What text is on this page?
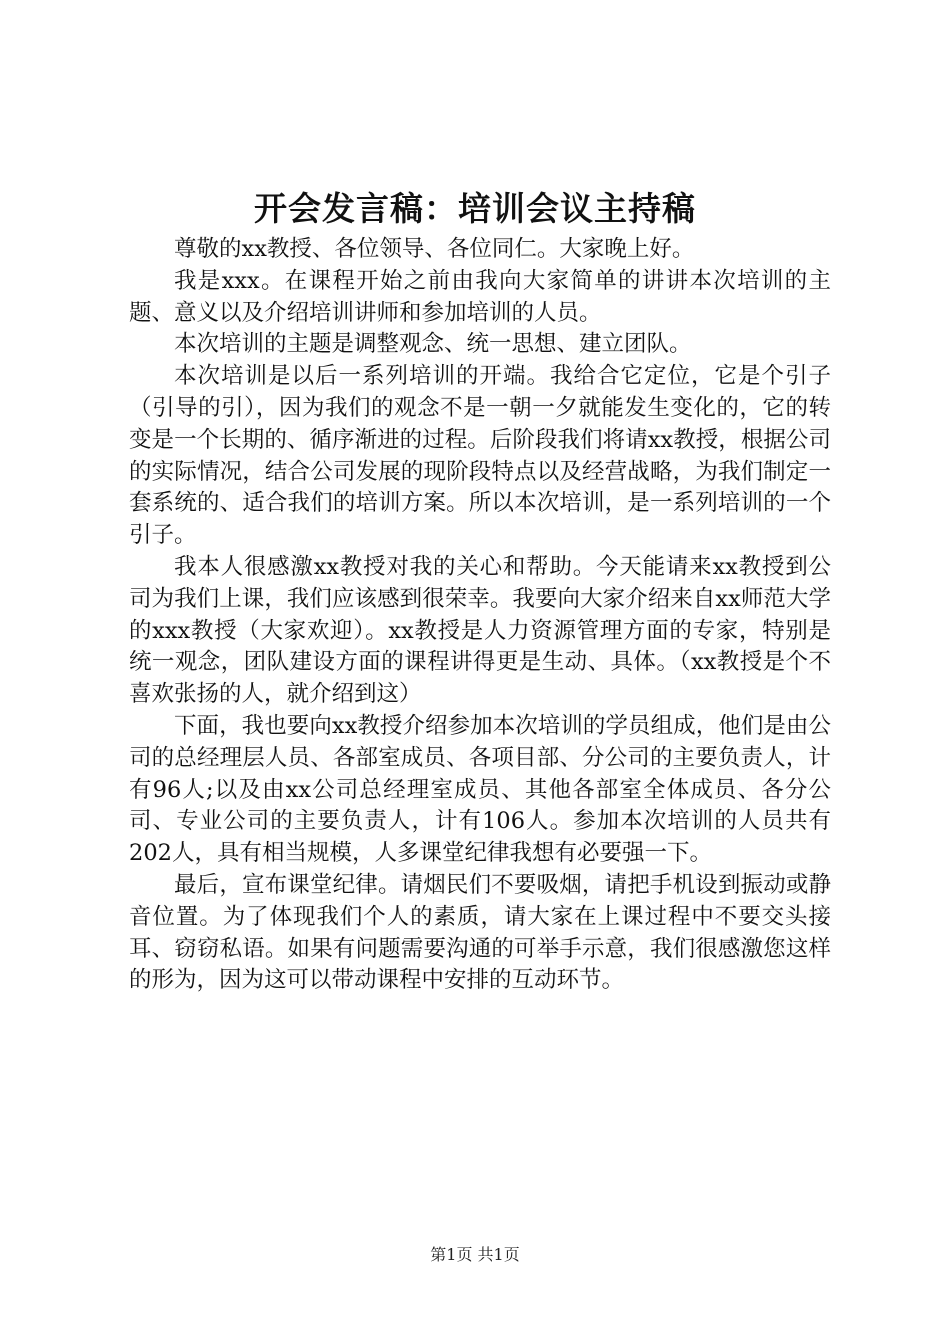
开会发言稿：培训会议主持稿

尊敬的xx教授、各位领导、各位同仁。大家晚上好。

我是xxx。在课程开始之前由我向大家简单的讲讲本次培训的主题、意义以及介绍培训讲师和参加培训的人员。

本次培训的主题是调整观念、统一思想、建立团队。

本次培训是以后一系列培训的开端。我给合它定位，它是个引子（引导的引），因为我们的观念不是一朝一夕就能发生变化的，它的转变是一个长期的、循序渐进的过程。后阶段我们将请xx教授，根据公司的实际情况，结合公司发展的现阶段特点以及经营战略，为我们制定一套系统的、适合我们的培训方案。所以本次培训，是一系列培训的一个引子。

我本人很感激xx教授对我的关心和帮助。今天能请来xx教授到公司为我们上课，我们应该感到很荣幸。我要向大家介绍来自xx师范大学的xxx教授（大家欢迎）。xx教授是人力资源管理方面的专家，特别是统一观念，团队建设方面的课程讲得更是生动、具体。（xx教授是个不喜欢张扬的人，就介绍到这）

下面，我也要向xx教授介绍参加本次培训的学员组成，他们是由公司的总经理层人员、各部室成员、各项目部、分公司的主要负责人，计有96人;以及由xx公司总经理室成员、其他各部室全体成员、各分公司、专业公司的主要负责人，计有106人。参加本次培训的人员共有202人，具有相当规模，人多课堂纪律我想有必要强一下。

最后，宣布课堂纪律。请烟民们不要吸烟，请把手机设到振动或静音位置。为了体现我们个人的素质，请大家在上课过程中不要交头接耳、窃窃私语。如果有问题需要沟通的可举手示意，我们很感激您这样的形为，因为这可以带动课程中安排的互动环节。

第1页 共1页
